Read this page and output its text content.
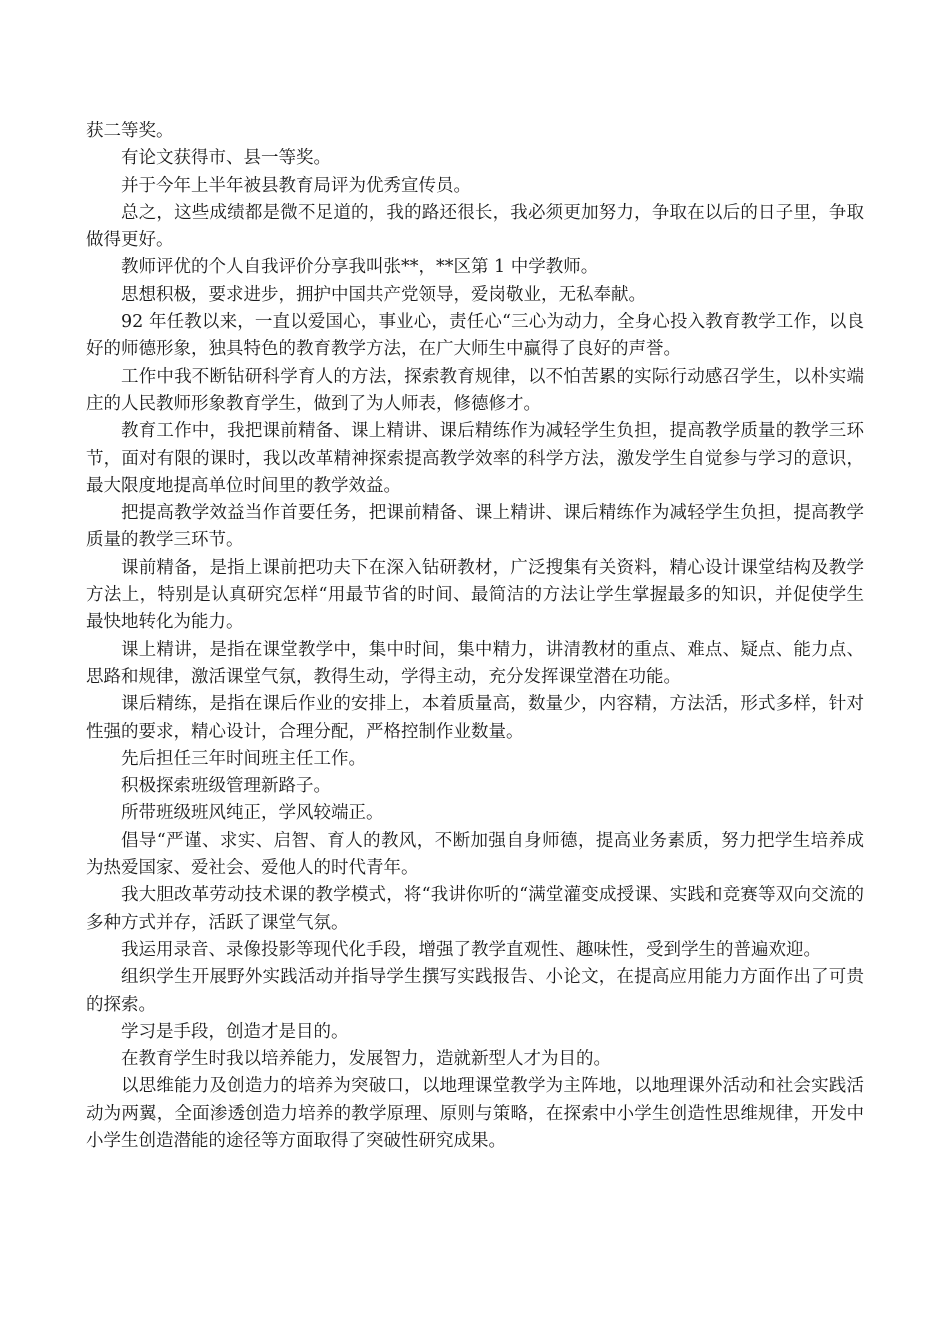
获二等奖。

有论文获得市、县一等奖。

并于今年上半年被县教育局评为优秀宣传员。

总之，这些成绩都是微不足道的，我的路还很长，我必须更加努力，争取在以后的日子里，争取做得更好。

教师评优的个人自我评价分享我叫张**，**区第 1 中学教师。

思想积极，要求进步，拥护中国共产党领导，爱岗敬业，无私奉献。

92 年任教以来，一直以爱国心，事业心，责任心“三心为动力，全身心投入教育教学工作，以良好的师德形象，独具特色的教育教学方法，在广大师生中赢得了良好的声誉。

工作中我不断钻研科学育人的方法，探索教育规律，以不怕苦累的实际行动感召学生，以朴实端庄的人民教师形象教育学生，做到了为人师表，修德修才。

教育工作中，我把课前精备、课上精讲、课后精练作为减轻学生负担，提高教学质量的教学三环节，面对有限的课时，我以改革精神探索提高教学效率的科学方法，激发学生自觉参与学习的意识，最大限度地提高单位时间里的教学效益。

把提高教学效益当作首要任务，把课前精备、课上精讲、课后精练作为减轻学生负担，提高教学质量的教学三环节。

课前精备，是指上课前把功夫下在深入钻研教材，广泛搜集有关资料，精心设计课堂结构及教学方法上，特别是认真研究怎样“用最节省的时间、最简洁的方法让学生掌握最多的知识，并促使学生最快地转化为能力。

课上精讲，是指在课堂教学中，集中时间，集中精力，讲清教材的重点、难点、疑点、能力点、思路和规律，激活课堂气氛，教得生动，学得主动，充分发挥课堂潜在功能。

课后精练，是指在课后作业的安排上，本着质量高，数量少，内容精，方法活，形式多样，针对性强的要求，精心设计，合理分配，严格控制作业数量。

先后担任三年时间班主任工作。

积极探索班级管理新路子。

所带班级班风纯正，学风较端正。

倡导“严谨、求实、启智、育人的教风，不断加强自身师德，提高业务素质，努力把学生培养成为热爱国家、爱社会、爱他人的时代青年。

我大胆改革劳动技术课的教学模式，将“我讲你听的“满堂灌变成授课、实践和竞赛等双向交流的多种方式并存，活跃了课堂气氛。

我运用录音、录像投影等现代化手段，增强了教学直观性、趣味性，受到学生的普遍欢迎。

组织学生开展野外实践活动并指导学生撰写实践报告、小论文，在提高应用能力方面作出了可贵的探索。

学习是手段，创造才是目的。

在教育学生时我以培养能力，发展智力，造就新型人才为目的。

以思维能力及创造力的培养为突破口，以地理课堂教学为主阵地，以地理课外活动和社会实践活动为两翼，全面渗透创造力培养的教学原理、原则与策略，在探索中小学生创造性思维规律，开发中小学生创造潜能的途径等方面取得了突破性研究成果。
